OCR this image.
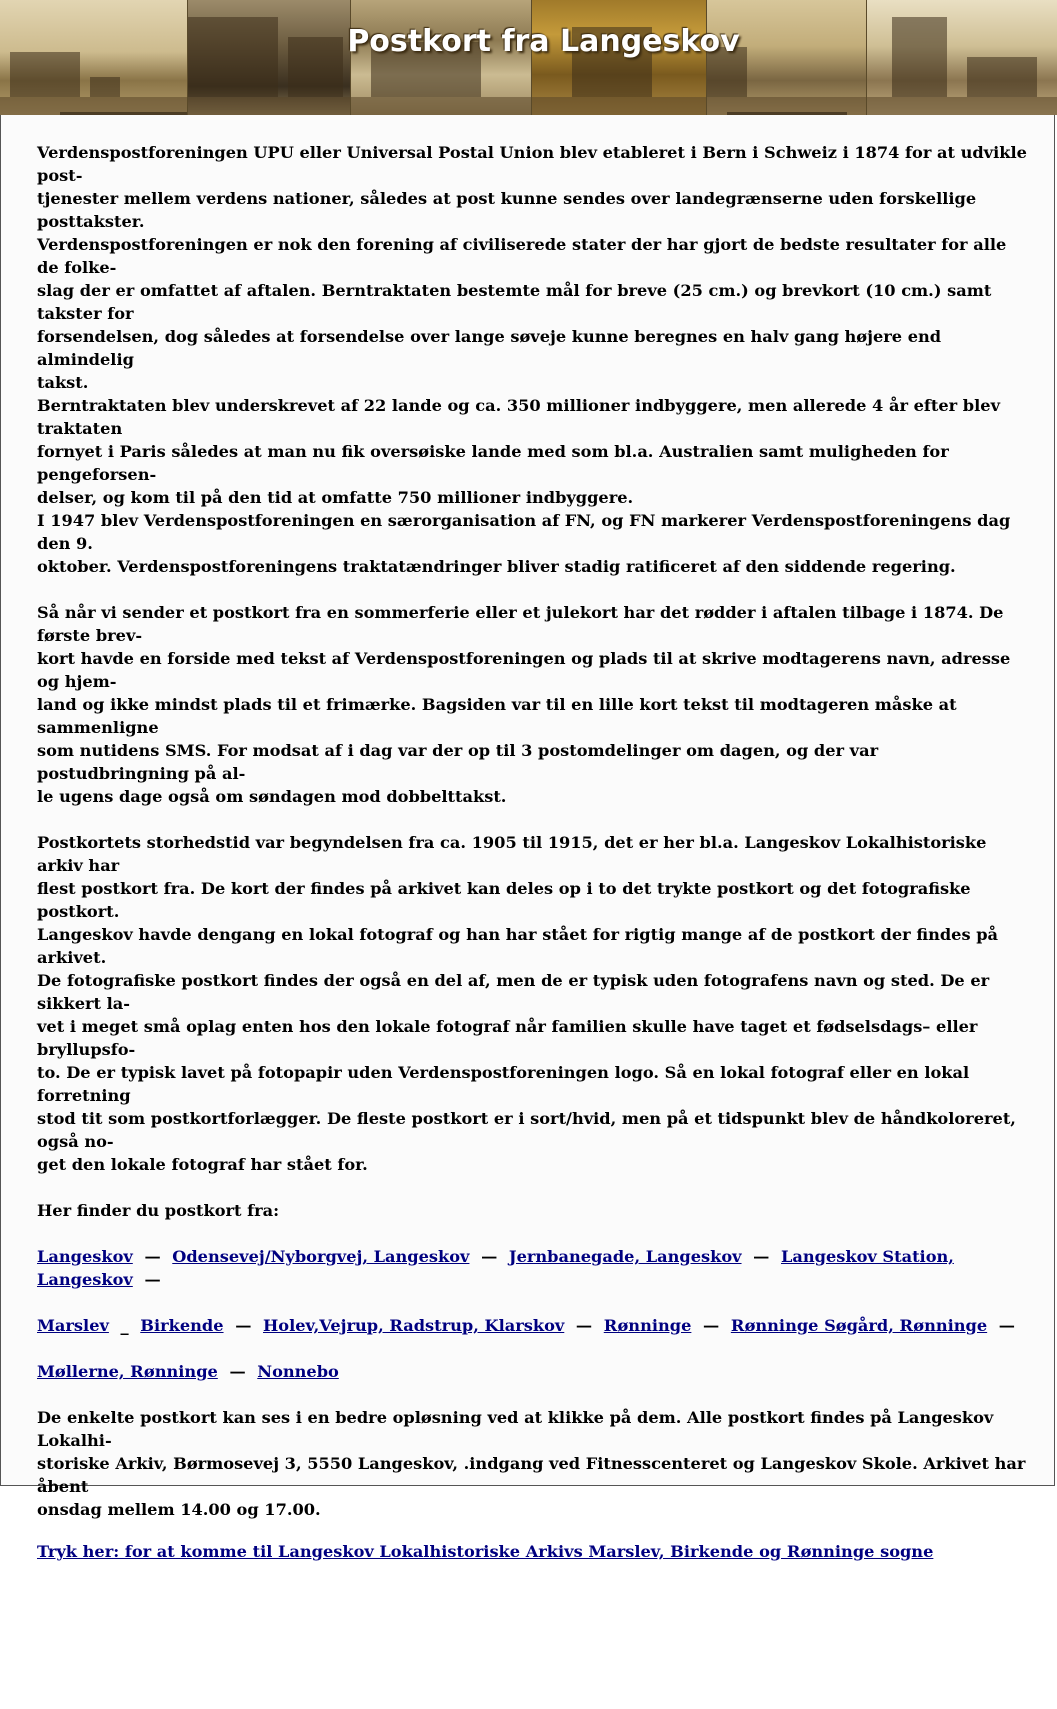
Postkort fra Langeskov

Verdenspostforeningen UPU eller Universal Postal Union blev etableret i Bern i Schweiz i 1874 for at udvikle post-
tjenester mellem verdens nationer, således at post kunne sendes over landegrænserne uden forskellige posttakster.
Verdenspostforeningen er nok den forening af civiliserede stater der har gjort de bedste resultater for alle de folke-
slag der er omfattet af aftalen. Berntraktaten bestemte mål for breve (25 cm.) og brevkort (10 cm.) samt takster for
forsendelsen, dog således at forsendelse over lange søveje kunne beregnes en halv gang højere end almindelig
takst.
Berntraktaten blev underskrevet af 22 lande og ca. 350 millioner indbyggere, men allerede 4 år efter blev traktaten
fornyet i Paris således at man nu fik oversøiske lande med som bl.a. Australien samt muligheden for pengeforsen-
delser, og kom til på den tid at omfatte 750 millioner indbyggere.
I 1947 blev Verdenspostforeningen en særorganisation af FN, og FN markerer Verdenspostforeningens dag den 9.
oktober. Verdenspostforeningens traktatændringer bliver stadig ratificeret af den siddende regering.

Så når vi sender et postkort fra en sommerferie eller et julekort har det rødder i aftalen tilbage i 1874. De første brev-
kort havde en forside med tekst af Verdenspostforeningen og plads til at skrive modtagerens navn, adresse og hjem-
land og ikke mindst plads til et frimærke. Bagsiden var til en lille kort tekst til modtageren måske at sammenligne
som nutidens SMS. For modsat af i dag var der op til 3 postomdelinger om dagen, og der var postudbringning på al-
le ugens dage også om søndagen mod dobbelttakst.

Postkortets storhedstid var begyndelsen fra ca. 1905 til 1915, det er her bl.a. Langeskov Lokalhistoriske arkiv har
flest postkort fra. De kort der findes på arkivet kan deles op i to det trykte postkort og det fotografiske postkort.
Langeskov havde dengang en lokal fotograf og han har stået for rigtig mange af de postkort der findes på arkivet.
De fotografiske postkort findes der også en del af, men de er typisk uden fotografens navn og sted. De er sikkert la-
vet i meget små oplag enten hos den lokale fotograf når familien skulle have taget et fødselsdags– eller bryllupsfo-
to. De er typisk lavet på fotopapir uden Verdenspostforeningen logo. Så en lokal fotograf eller en lokal forretning
stod tit som postkortforlægger. De fleste postkort er i sort/hvid, men på et tidspunkt blev de håndkoloreret, også no-
get den lokale fotograf har stået for.

Her finder du postkort fra:

Langeskov — Odensevej/Nyborgvej, Langeskov — Jernbanegade, Langeskov — Langeskov Station, Langeskov —

Marslev _ Birkende — Holev,Vejrup, Radstrup, Klarskov — Rønninge — Rønninge Søgård, Rønninge —

Møllerne, Rønninge — Nonnebo

De enkelte postkort kan ses i en bedre opløsning ved at klikke på dem. Alle postkort findes på Langeskov Lokalhi-
storiske Arkiv, Børmosevej 3, 5550 Langeskov, .indgang ved Fitnesscenteret og Langeskov Skole. Arkivet har åbent
onsdag mellem 14.00 og 17.00.

Tryk her: for at komme til Langeskov Lokalhistoriske Arkivs Marslev, Birkende og Rønninge sogne
